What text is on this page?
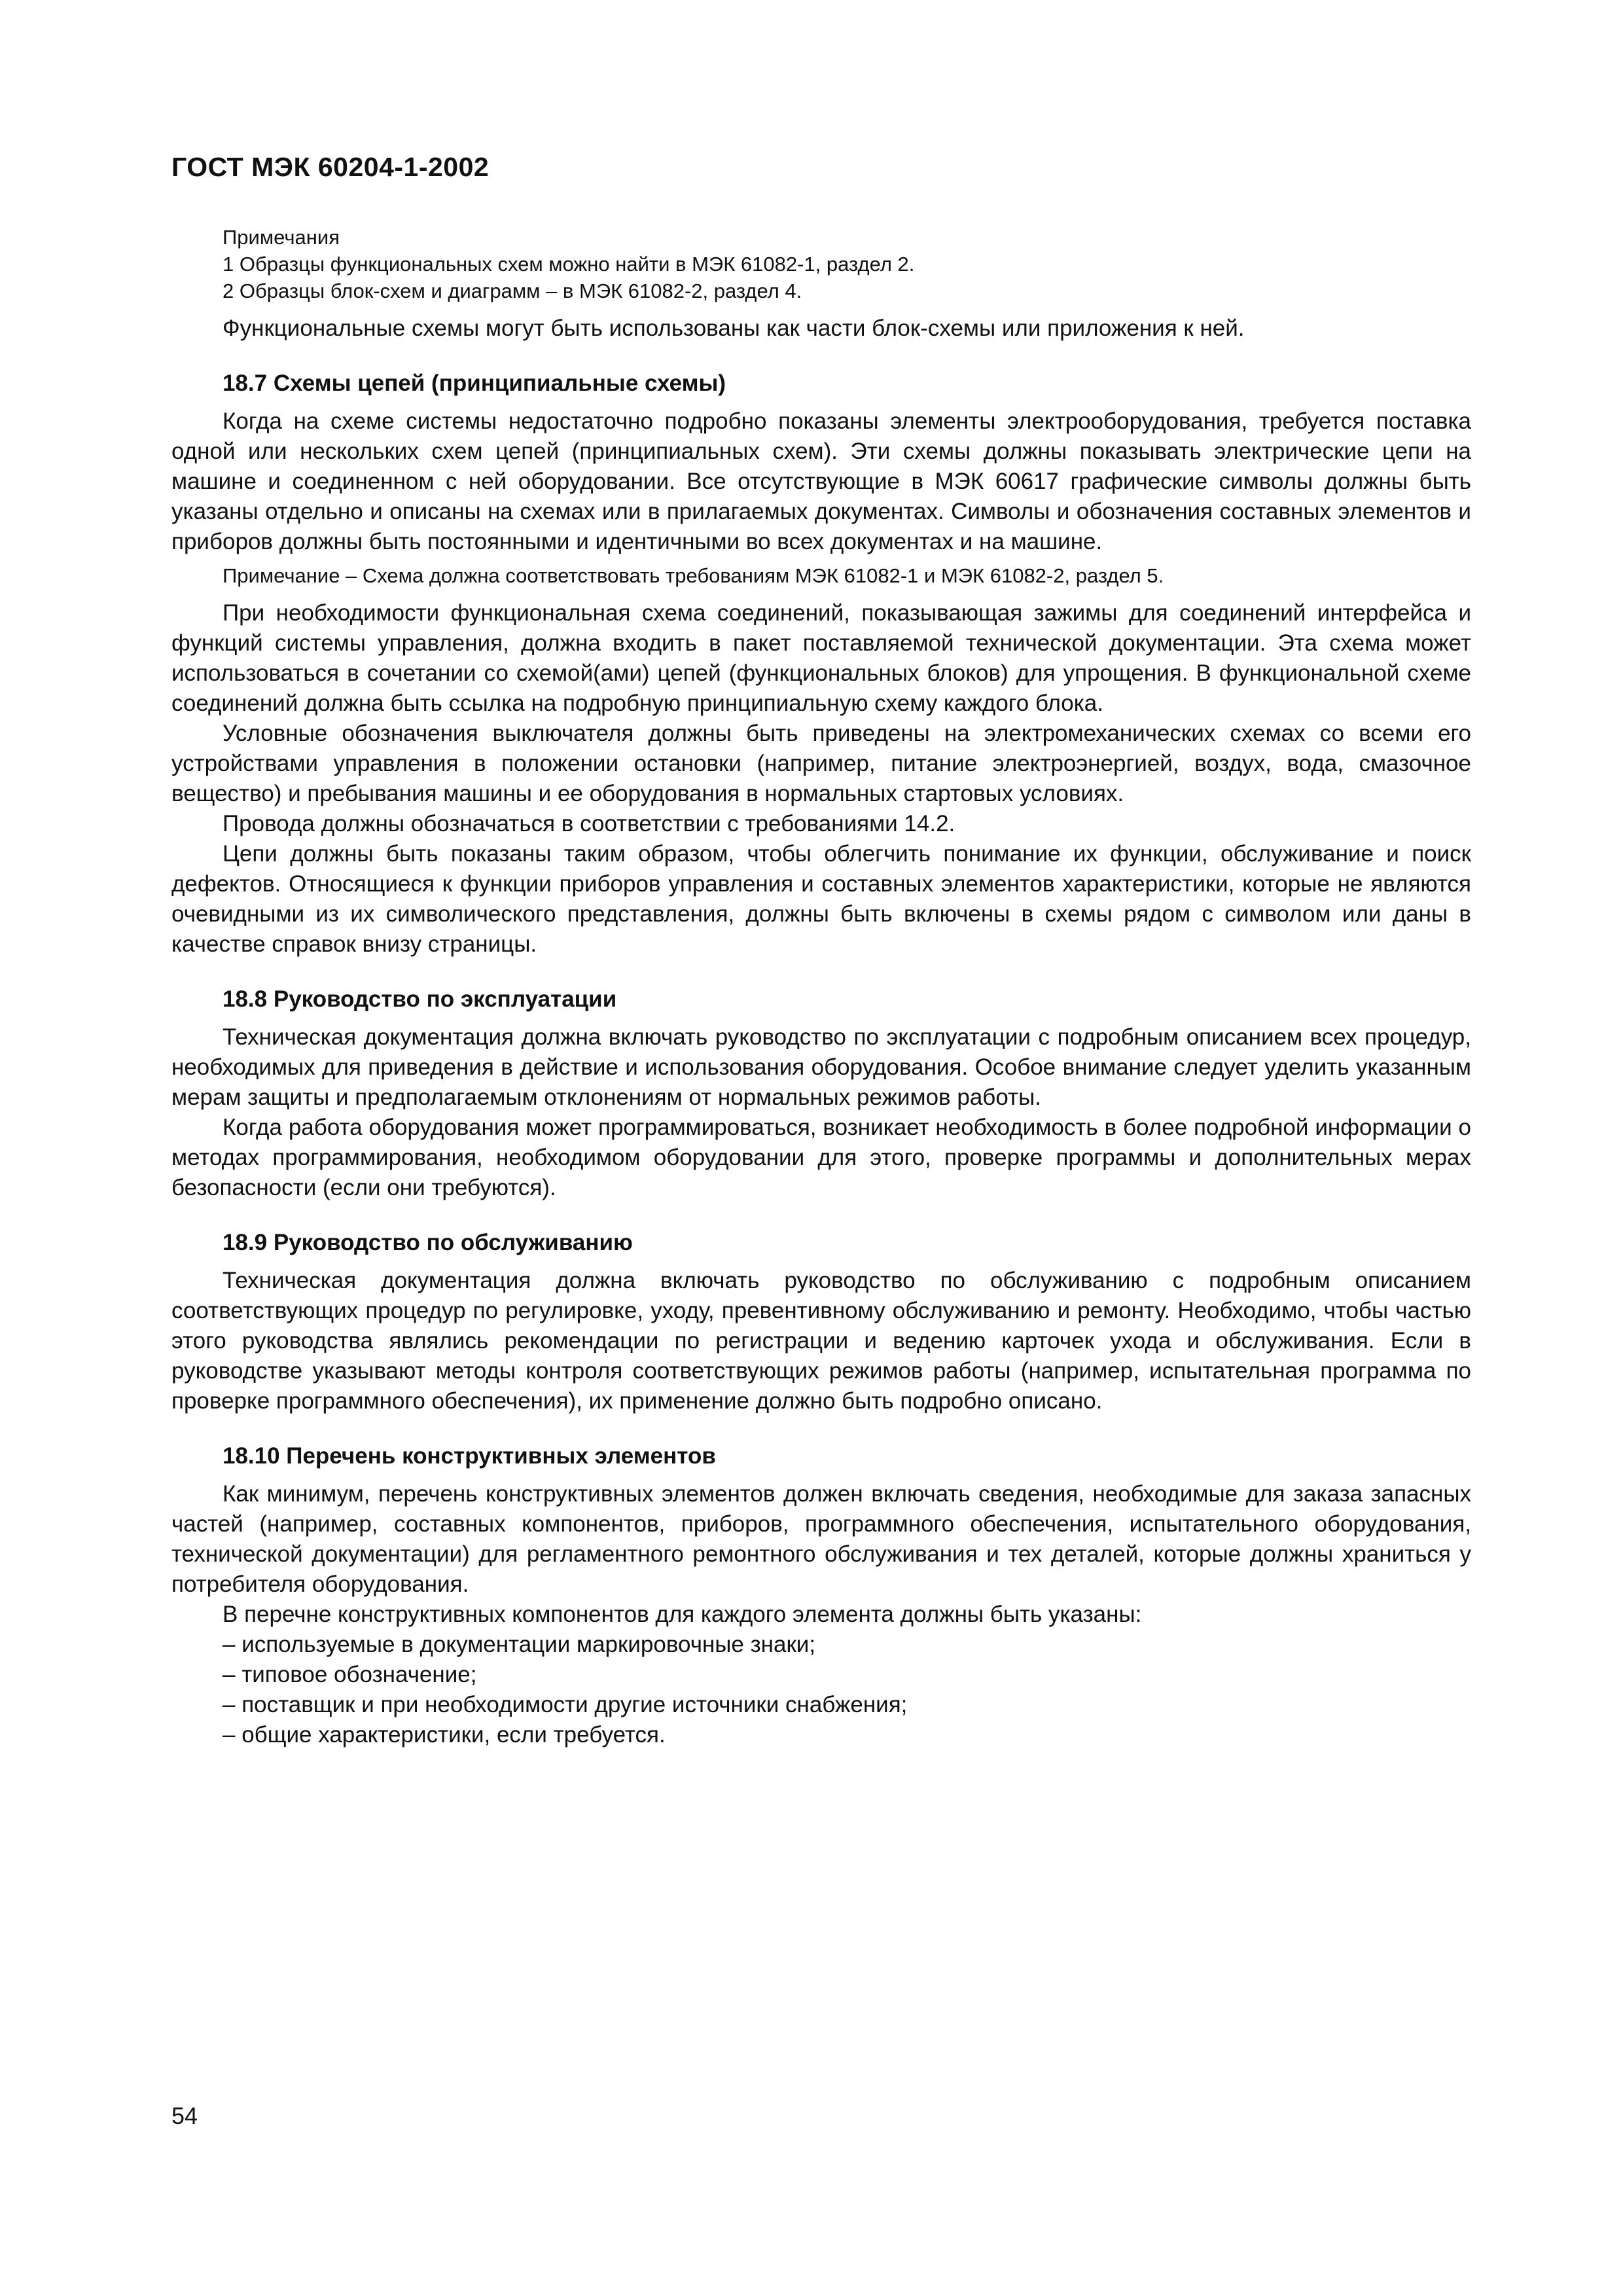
ГОСТ МЭК 60204-1-2002
Примечания
1 Образцы функциональных схем можно найти в МЭК 61082-1, раздел 2.
2 Образцы блок-схем и диаграмм – в МЭК 61082-2, раздел 4.

Функциональные схемы могут быть использованы как части блок-схемы или приложения к ней.

18.7 Схемы цепей (принципиальные схемы)

Когда на схеме системы недостаточно подробно показаны элементы электрооборудования, требуется поставка одной или нескольких схем цепей (принципиальных схем). Эти схемы должны показывать электрические цепи на машине и соединенном с ней оборудовании. Все отсутствующие в МЭК 60617 графические символы должны быть указаны отдельно и описаны на схемах или в прилагаемых документах. Символы и обозначения составных элементов и приборов должны быть постоянными и идентичными во всех документах и на машине.

Примечание – Схема должна соответствовать требованиям МЭК 61082-1 и МЭК 61082-2, раздел 5.

При необходимости функциональная схема соединений, показывающая зажимы для соединений интерфейса и функций системы управления, должна входить в пакет поставляемой технической документации. Эта схема может использоваться в сочетании со схемой(ами) цепей (функциональных блоков) для упрощения. В функциональной схеме соединений должна быть ссылка на подробную принципиальную схему каждого блока.

Условные обозначения выключателя должны быть приведены на электромеханических схемах со всеми его устройствами управления в положении остановки (например, питание электроэнергией, воздух, вода, смазочное вещество) и пребывания машины и ее оборудования в нормальных стартовых условиях.

Провода должны обозначаться в соответствии с требованиями 14.2.

Цепи должны быть показаны таким образом, чтобы облегчить понимание их функции, обслуживание и поиск дефектов. Относящиеся к функции приборов управления и составных элементов характеристики, которые не являются очевидными из их символического представления, должны быть включены в схемы рядом с символом или даны в качестве справок внизу страницы.

18.8 Руководство по эксплуатации

Техническая документация должна включать руководство по эксплуатации с подробным описанием всех процедур, необходимых для приведения в действие и использования оборудования. Особое внимание следует уделить указанным мерам защиты и предполагаемым отклонениям от нормальных режимов работы.

Когда работа оборудования может программироваться, возникает необходимость в более подробной информации о методах программирования, необходимом оборудовании для этого, проверке программы и дополнительных мерах безопасности (если они требуются).

18.9 Руководство по обслуживанию

Техническая документация должна включать руководство по обслуживанию с подробным описанием соответствующих процедур по регулировке, уходу, превентивному обслуживанию и ремонту. Необходимо, чтобы частью этого руководства являлись рекомендации по регистрации и ведению карточек ухода и обслуживания. Если в руководстве указывают методы контроля соответствующих режимов работы (например, испытательная программа по проверке программного обеспечения), их применение должно быть подробно описано.

18.10 Перечень конструктивных элементов

Как минимум, перечень конструктивных элементов должен включать сведения, необходимые для заказа запасных частей (например, составных компонентов, приборов, программного обеспечения, испытательного оборудования, технической документации) для регламентного ремонтного обслуживания и тех деталей, которые должны храниться у потребителя оборудования.

В перечне конструктивных компонентов для каждого элемента должны быть указаны:

– используемые в документации маркировочные знаки;
– типовое обозначение;
– поставщик и при необходимости другие источники снабжения;
– общие характеристики, если требуется.
54
